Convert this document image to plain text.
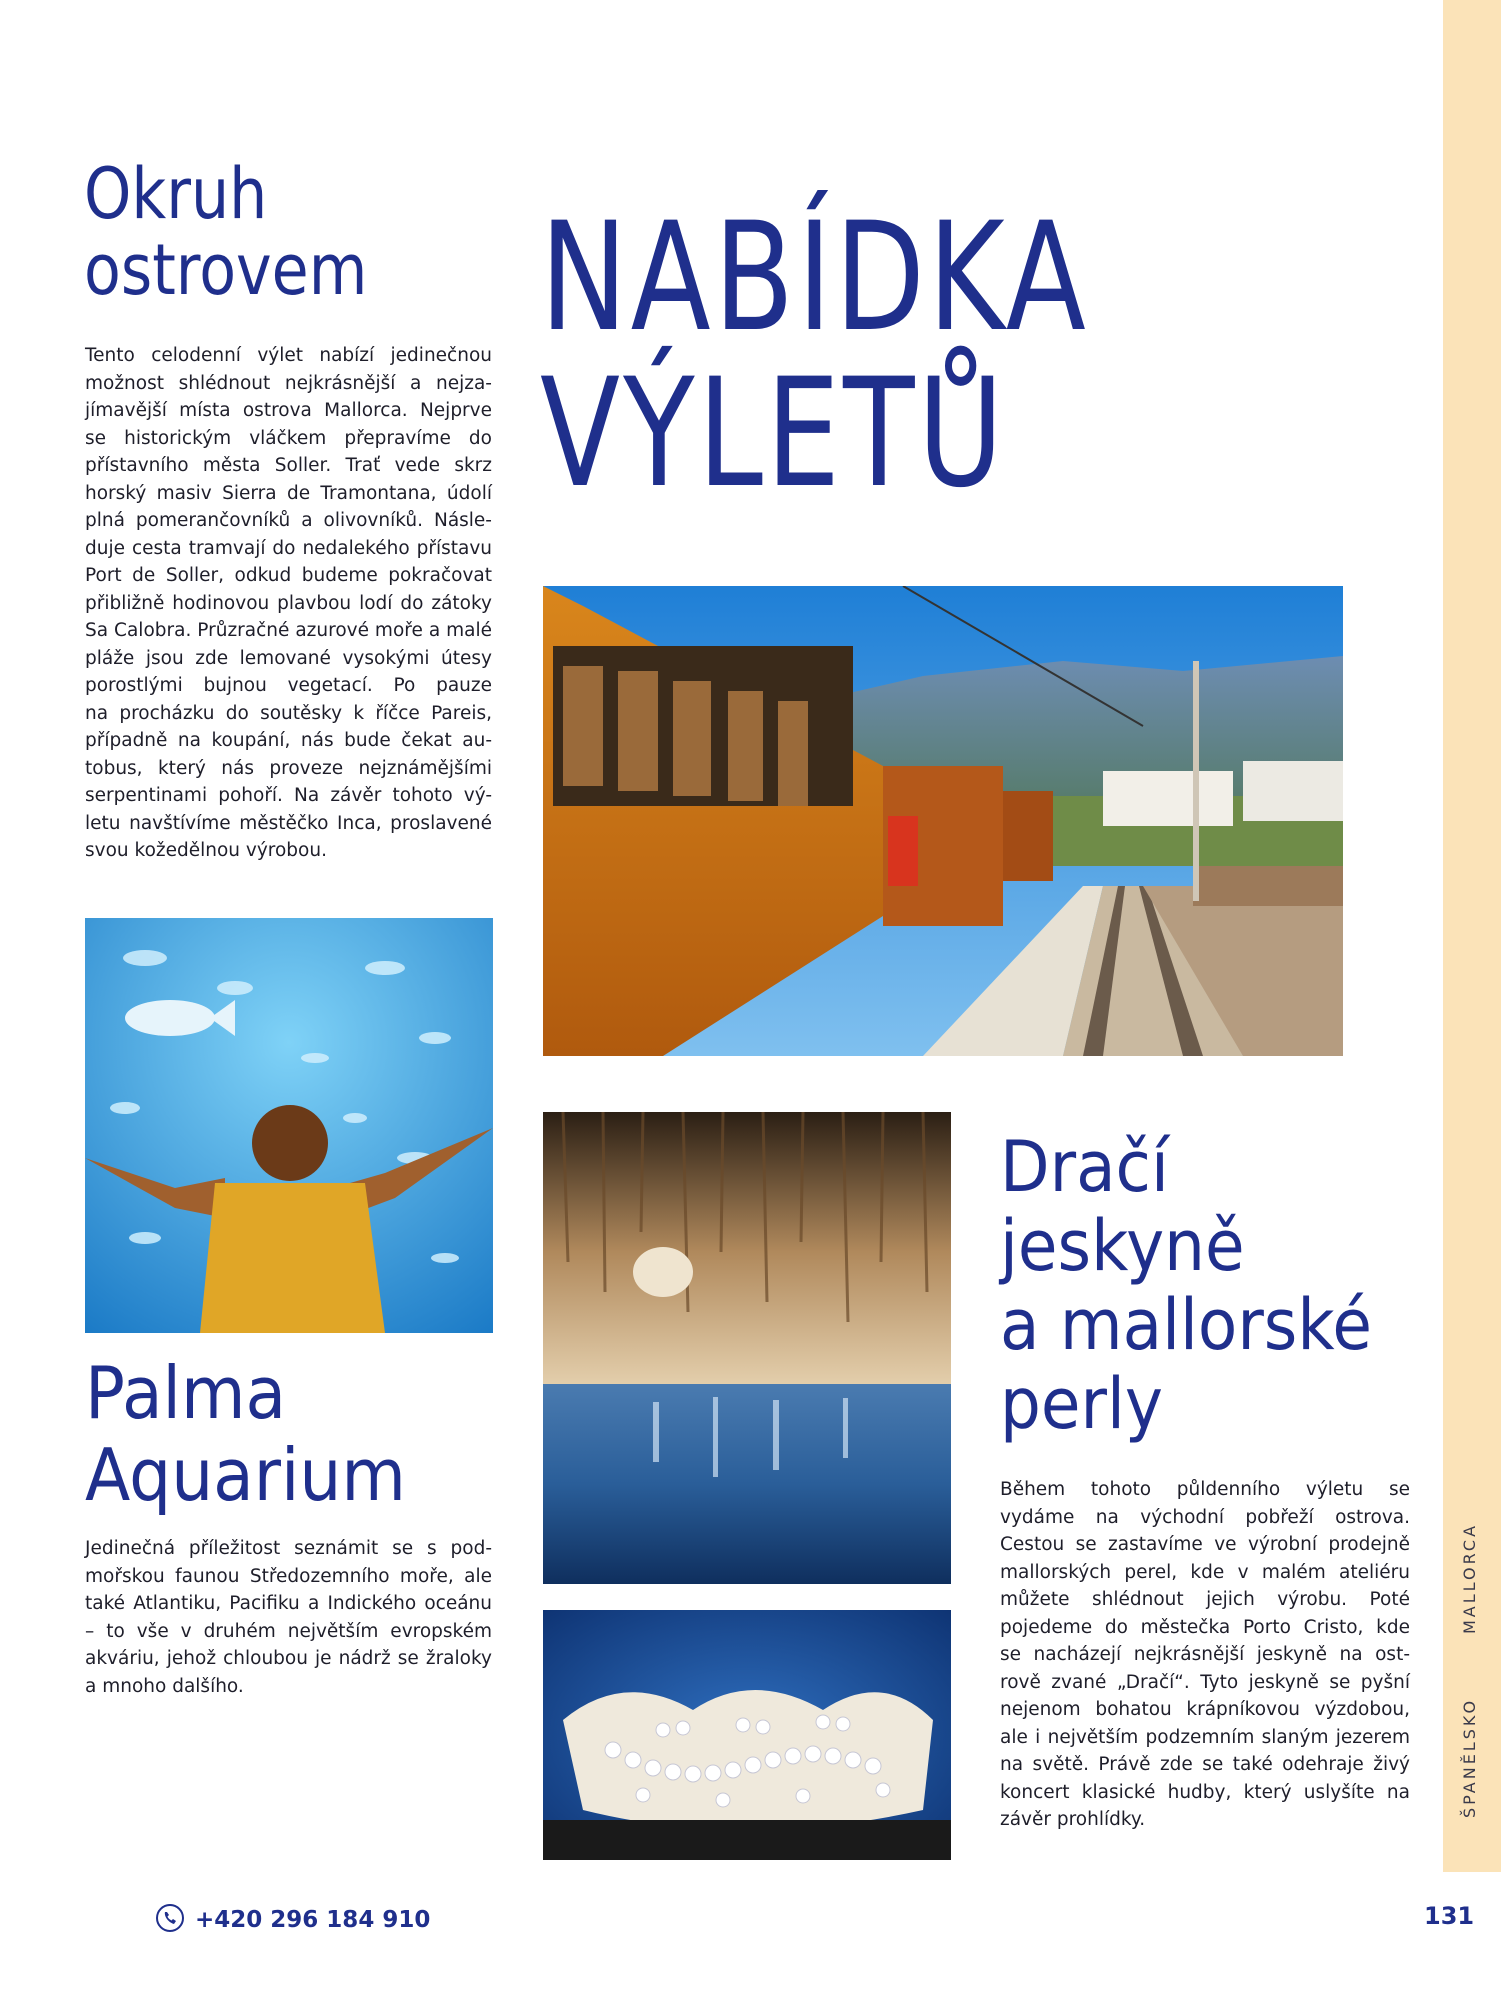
ŠPANĚLSKO
MALLORCA
NABÍDKA
VÝLETŮ
Okruh
ostrovem
Tento celodenní výlet nabízí jedinečnou
možnost shlédnout nejkrásnější a nejza-
jímavější místa ostrova Mallorca. Nejprve
se historickým vláčkem přepravíme do
přístavního města Soller. Trať vede skrz
horský masiv Sierra de Tramontana, údolí
plná pomerančovníků a olivovníků. Násle-
duje cesta tramvají do nedalekého přístavu
Port de Soller, odkud budeme pokračovat
přibližně hodinovou plavbou lodí do zátoky
Sa Calobra. Průzračné azurové moře a malé
pláže jsou zde lemované vysokými útesy
porostlými bujnou vegetací. Po pauze
na procházku do soutěsky k říčce Pareis,
případně na koupání, nás bude čekat au-
tobus, který nás proveze nejznámějšími
serpentinami pohoří. Na závěr tohoto vý-
letu navštívíme městěčko Inca, proslavené
svou kožedělnou výrobou.
Palma
Aquarium
Jedinečná příležitost seznámit se s pod-
mořskou faunou Středozemního moře, ale
také Atlantiku, Pacifiku a Indického oceánu
– to vše v druhém největším evropském
akváriu, jehož chloubou je nádrž se žraloky
a mnoho dalšího.
Dračí
jeskyně
a mallorské
perly
Během tohoto půldenního výletu se
vydáme na východní pobřeží ostrova.
Cestou se zastavíme ve výrobní prodejně
mallorských perel, kde v malém ateliéru
můžete shlédnout jejich výrobu. Poté
pojedeme do městečka Porto Cristo, kde
se nacházejí nejkrásnější jeskyně na ost-
rově zvané „Dračí“. Tyto jeskyně se pyšní
nejenom bohatou krápníkovou výzdobou,
ale i největším podzemním slaným jezerem
na světě. Právě zde se také odehraje živý
koncert klasické hudby, který uslyšíte na
závěr prohlídky.
+420 296 184 910	131
